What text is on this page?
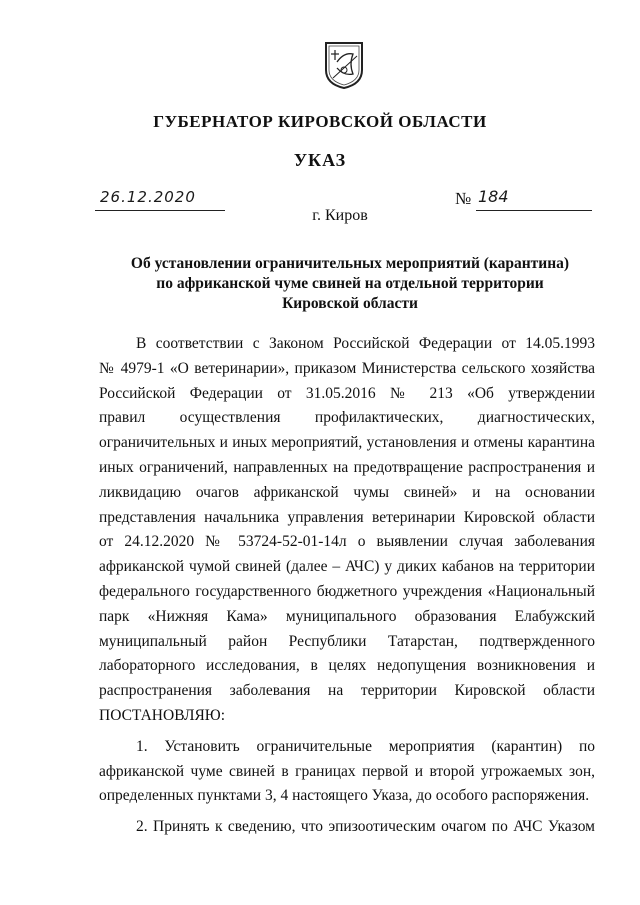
ГУБЕРНАТОР КИРОВСКОЙ ОБЛАСТИ
УКАЗ
26.12.2020	№ 184
г. Киров
Об установлении ограничительных мероприятий (карантина)
по африканской чуме свиней на отдельной территории
Кировской области
В соответствии с Законом Российской Федерации от 14.05.1993
№ 4979-1 «О ветеринарии», приказом Министерства сельского хозяйства
Российской Федерации от 31.05.2016 № 213 «Об утверждении
правил осуществления профилактических, диагностических,
ограничительных и иных мероприятий, установления и отмены карантина
иных ограничений, направленных на предотвращение распространения и
ликвидацию очагов африканской чумы свиней» и на основании
представления начальника управления ветеринарии Кировской области
от 24.12.2020 № 53724-52-01-14л о выявлении случая заболевания
африканской чумой свиней (далее – АЧС) у диких кабанов на территории
федерального государственного бюджетного учреждения «Национальный
парк «Нижняя Кама» муниципального образования Елабужский
муниципальный район Республики Татарстан, подтвержденного
лабораторного исследования, в целях недопущения возникновения и
распространения заболевания на территории Кировской области
ПОСТАНОВЛЯЮ:
1. Установить ограничительные мероприятия (карантин) по
африканской чуме свиней в границах первой и второй угрожаемых зон,
определенных пунктами 3, 4 настоящего Указа, до особого распоряжения.
2. Принять к сведению, что эпизоотическим очагом по АЧС Указом
